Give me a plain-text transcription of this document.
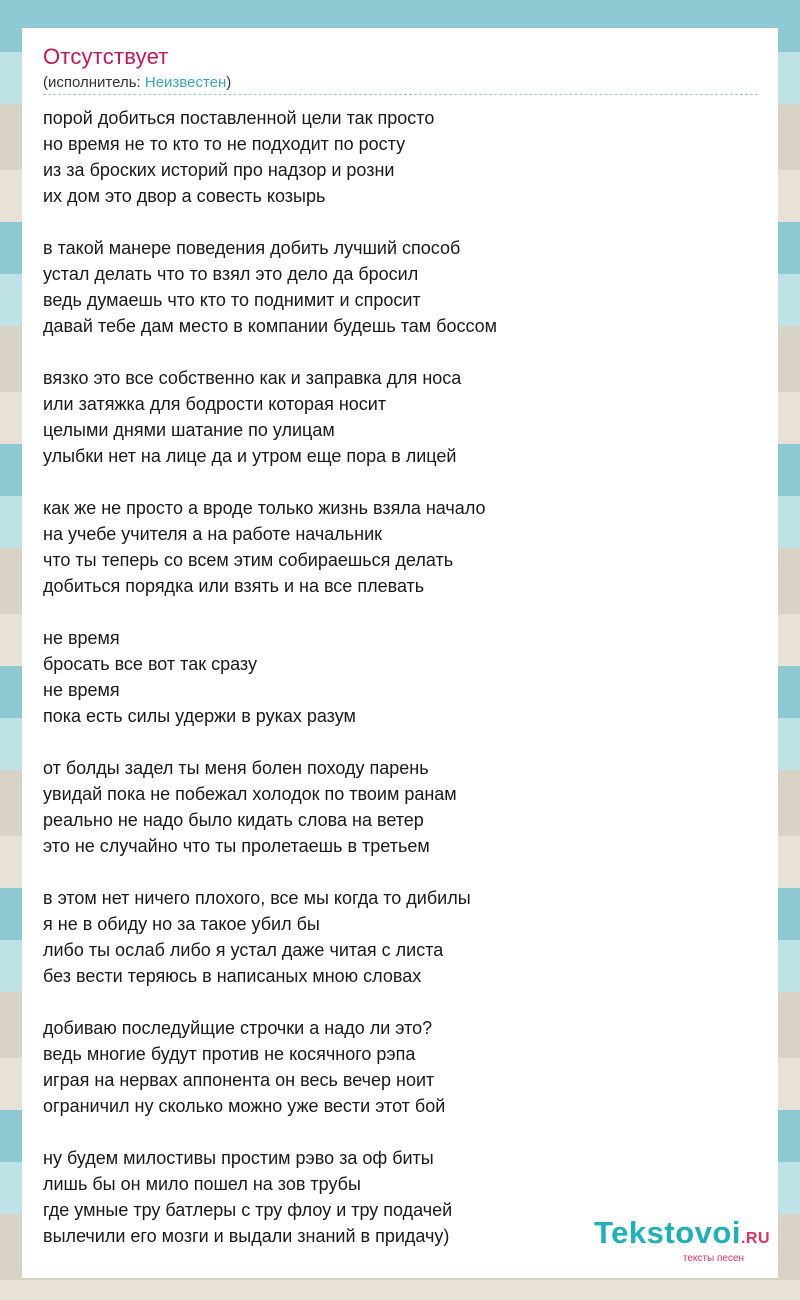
Отсутствует
(исполнитель: Неизвестен)
порой добиться поставленной цели так просто
но время не то кто то не подходит по росту
из за броских историй про надзор и розни
их дом это двор а совесть козырь
в такой манере поведения добить лучший способ
устал делать что то взял это дело да бросил
ведь думаешь что кто то поднимит и спросит
давай тебе дам место в компании будешь там боссом
вязко это все собственно как и заправка для носа
или затяжка для бодрости которая носит
целыми днями шатание по улицам
улыбки нет на лице да и утром еще пора в лицей
как же не просто а вроде только жизнь взяла начало
на учебе учителя а на работе начальник
что ты теперь со всем этим собираешься делать
добиться порядка или взять и на все плевать
не время
бросать все вот так сразу
не время
пока есть силы удержи в руках разум
от болды задел ты меня болен походу парень
увидай пока не побежал холодок по твоим ранам
реально не надо было кидать слова на ветер
это не случайно что ты пролетаешь в третьем
в этом нет ничего плохого, все мы когда то дибилы
я не в обиду но за такое убил бы
либо ты ослаб либо я устал даже читая с листа
без вести теряюсь в написаных мною словах
добиваю последуйщие строчки а надо ли это?
ведь многие будут против не косячного рэпа
играя на нервах аппонента он весь вечер ноит
ограничил ну сколько можно уже вести этот бой
ну будем милостивы простим рэво за оф биты
лишь бы он мило пошел на зов трубы
где умные тру батлеры с тру флоу и тру подачей
вылечили его мозги и выдали знаний в придачу)	Tekstovoi.RU
тексты песен
